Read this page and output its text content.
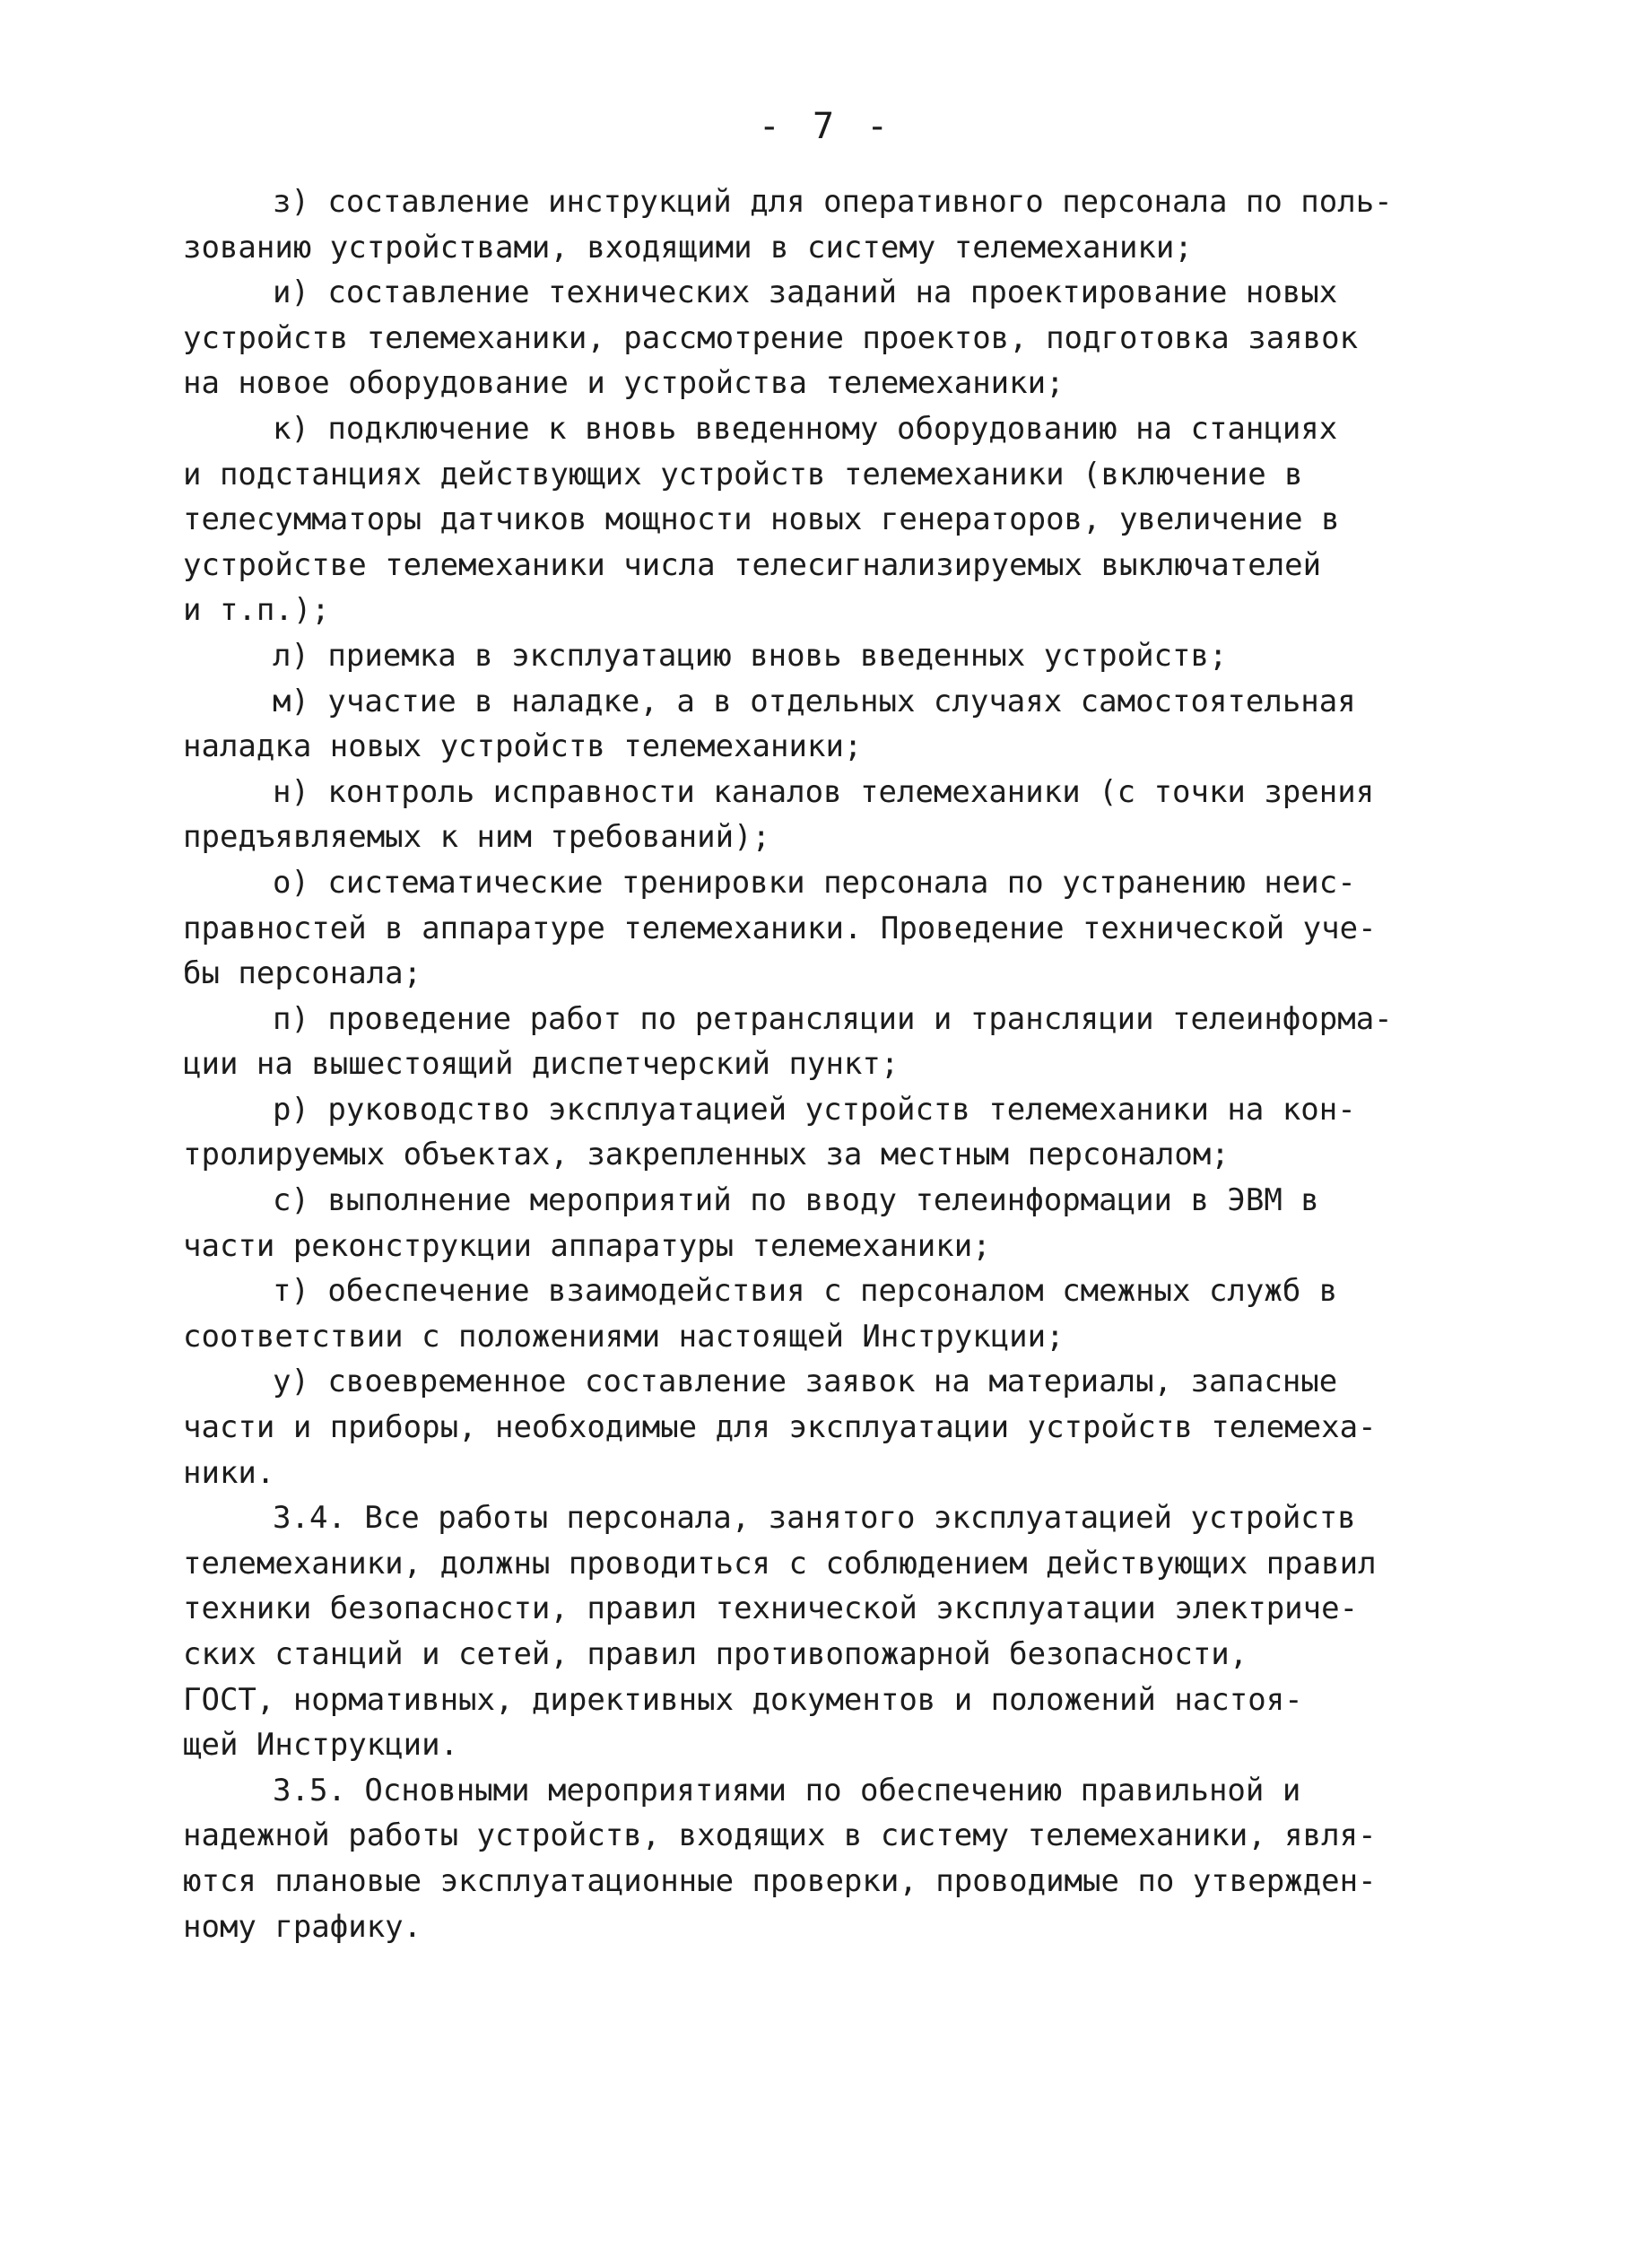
- 7 -
з) составление инструкций для оперативного персонала по поль-
зованию устройствами, входящими в систему телемеханики;
и) составление технических заданий на проектирование новых
устройств телемеханики, рассмотрение проектов, подготовка заявок
на новое оборудование и устройства телемеханики;
к) подключение к вновь введенному оборудованию на станциях
и подстанциях действующих устройств телемеханики (включение в
телесумматоры датчиков мощности новых генераторов, увеличение в
устройстве телемеханики числа телесигнализируемых выключателей
и т.п.);
л) приемка в эксплуатацию вновь введенных устройств;
м) участие в наладке, а в отдельных случаях самостоятельная
наладка новых устройств телемеханики;
н) контроль исправности каналов телемеханики (с точки зрения
предъявляемых к ним требований);
о) систематические тренировки персонала по устранению неис-
правностей в аппаратуре телемеханики. Проведение технической уче-
бы персонала;
п) проведение работ по ретрансляции и трансляции телеинформа-
ции на вышестоящий диспетчерский пункт;
р) руководство эксплуатацией устройств телемеханики на кон-
тролируемых объектах, закрепленных за местным персоналом;
с) выполнение мероприятий по вводу телеинформации в ЭВМ в
части реконструкции аппаратуры телемеханики;
т) обеспечение взаимодействия с персоналом смежных служб в
соответствии с положениями настоящей Инструкции;
у) своевременное составление заявок на материалы, запасные
части и приборы, необходимые для эксплуатации устройств телемеха-
ники.
3.4. Все работы персонала, занятого эксплуатацией устройств
телемеханики, должны проводиться с соблюдением действующих правил
техники безопасности, правил технической эксплуатации электриче-
ских станций и сетей, правил противопожарной безопасности,
ГОСТ, нормативных, директивных документов и положений настоя-
щей Инструкции.
3.5. Основными мероприятиями по обеспечению правильной и
надежной работы устройств, входящих в систему телемеханики, явля-
ются плановые эксплуатационные проверки, проводимые по утвержден-
ному графику.
